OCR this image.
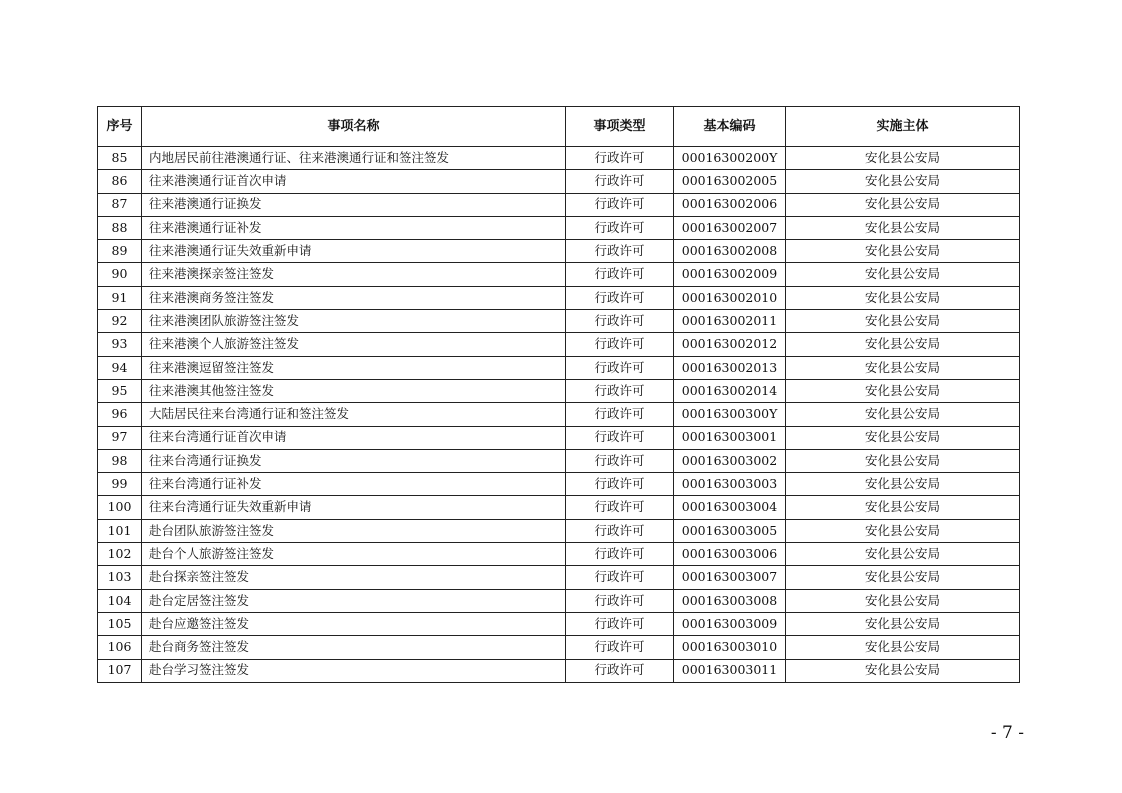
序号	事项名称	事项类型	基本编码	实施主体
85	内地居民前往港澳通行证、往来港澳通行证和签注签发	行政许可	00016300200Y	安化县公安局
86	往来港澳通行证首次申请	行政许可	000163002005	安化县公安局
87	往来港澳通行证换发	行政许可	000163002006	安化县公安局
88	往来港澳通行证补发	行政许可	000163002007	安化县公安局
89	往来港澳通行证失效重新申请	行政许可	000163002008	安化县公安局
90	往来港澳探亲签注签发	行政许可	000163002009	安化县公安局
91	往来港澳商务签注签发	行政许可	000163002010	安化县公安局
92	往来港澳团队旅游签注签发	行政许可	000163002011	安化县公安局
93	往来港澳个人旅游签注签发	行政许可	000163002012	安化县公安局
94	往来港澳逗留签注签发	行政许可	000163002013	安化县公安局
95	往来港澳其他签注签发	行政许可	000163002014	安化县公安局
96	大陆居民往来台湾通行证和签注签发	行政许可	00016300300Y	安化县公安局
97	往来台湾通行证首次申请	行政许可	000163003001	安化县公安局
98	往来台湾通行证换发	行政许可	000163003002	安化县公安局
99	往来台湾通行证补发	行政许可	000163003003	安化县公安局
100	往来台湾通行证失效重新申请	行政许可	000163003004	安化县公安局
101	赴台团队旅游签注签发	行政许可	000163003005	安化县公安局
102	赴台个人旅游签注签发	行政许可	000163003006	安化县公安局
103	赴台探亲签注签发	行政许可	000163003007	安化县公安局
104	赴台定居签注签发	行政许可	000163003008	安化县公安局
105	赴台应邀签注签发	行政许可	000163003009	安化县公安局
106	赴台商务签注签发	行政许可	000163003010	安化县公安局
107	赴台学习签注签发	行政许可	000163003011	安化县公安局
- 7 -
